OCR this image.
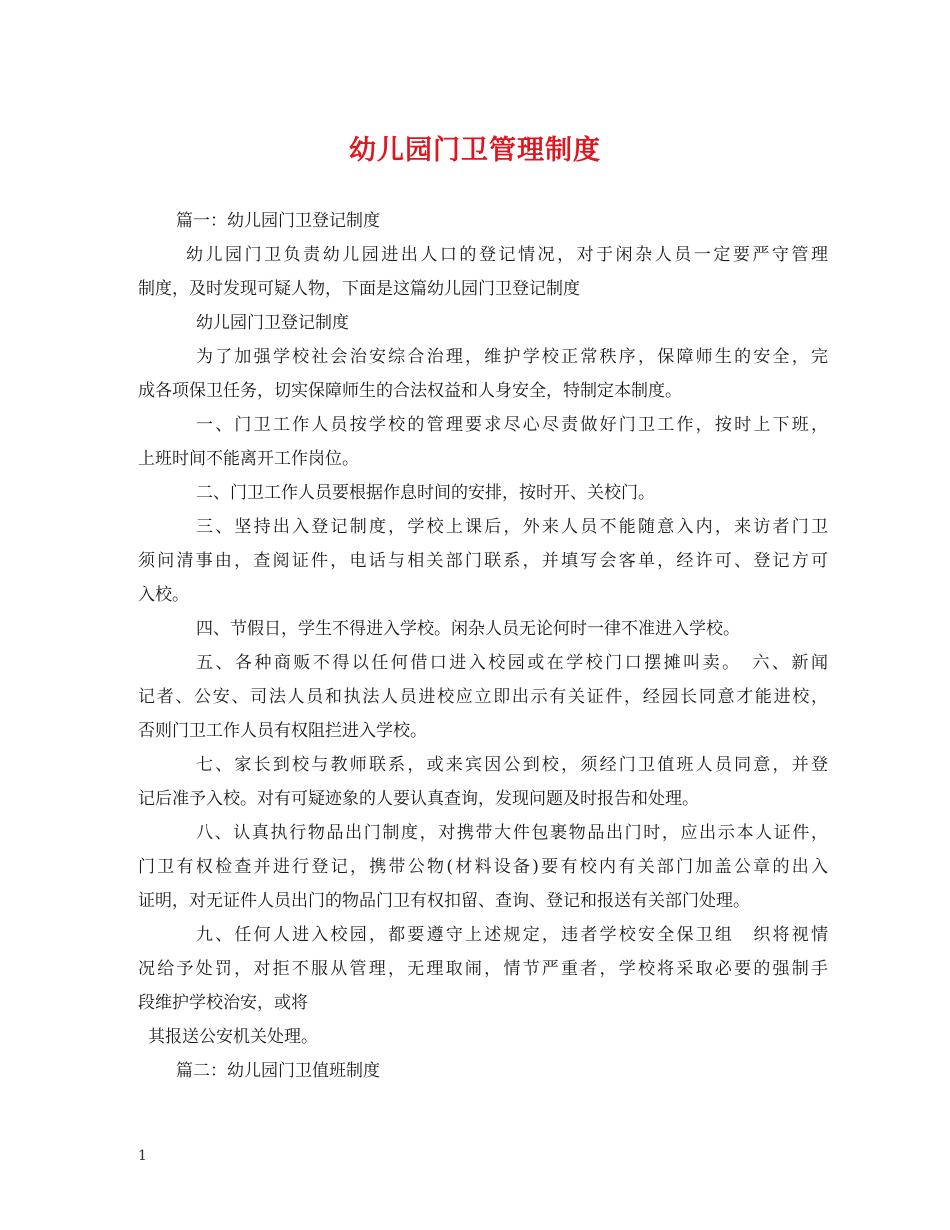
幼儿园门卫管理制度
篇一：幼儿园门卫登记制度
幼儿园门卫负责幼儿园进出人口的登记情况，对于闲杂人员一定要严守管理
制度，及时发现可疑人物，下面是这篇幼儿园门卫登记制度
幼儿园门卫登记制度
为了加强学校社会治安综合治理，维护学校正常秩序，保障师生的安全，完
成各项保卫任务，切实保障师生的合法权益和人身安全，特制定本制度。
一、门卫工作人员按学校的管理要求尽心尽责做好门卫工作，按时上下班，
上班时间不能离开工作岗位。
二、门卫工作人员要根据作息时间的安排，按时开、关校门。
三、坚持出入登记制度，学校上课后，外来人员不能随意入内，来访者门卫
须问清事由，查阅证件，电话与相关部门联系，并填写会客单，经许可、登记方可
入校。
四、节假日，学生不得进入学校。闲杂人员无论何时一律不准进入学校。
五、各种商贩不得以任何借口进入校园或在学校门口摆摊叫卖。　六、新闻
记者、公安、司法人员和执法人员进校应立即出示有关证件，经园长同意才能进校，
否则门卫工作人员有权阻拦进入学校。
七、家长到校与教师联系，或来宾因公到校，须经门卫值班人员同意，并登
记后准予入校。对有可疑迹象的人要认真查询，发现问题及时报告和处理。
八、认真执行物品出门制度，对携带大件包裹物品出门时，应出示本人证件，
门卫有权检查并进行登记，携带公物(材料设备)要有校内有关部门加盖公章的出入
证明，对无证件人员出门的物品门卫有权扣留、查询、登记和报送有关部门处理。
九、任何人进入校园，都要遵守上述规定，违者学校安全保卫组　织将视情
况给予处罚，对拒不服从管理，无理取闹，情节严重者，学校将采取必要的强制手
段维护学校治安，或将
其报送公安机关处理。
篇二：幼儿园门卫值班制度
1
